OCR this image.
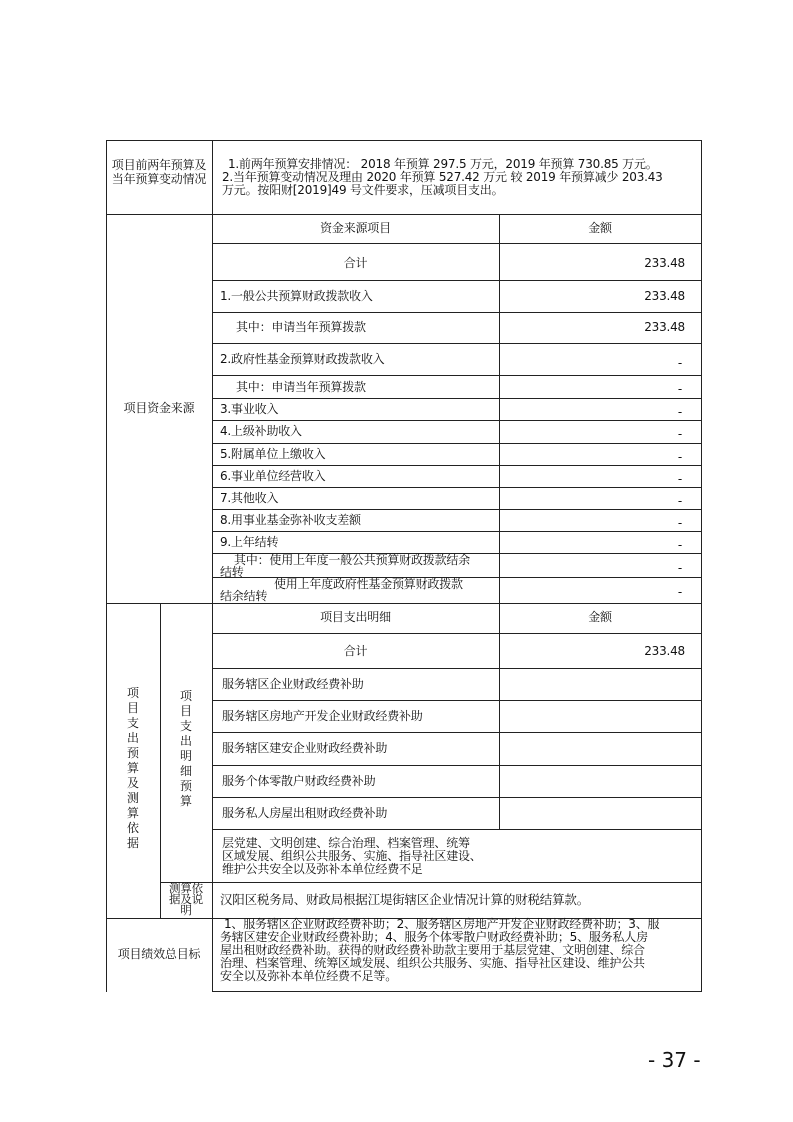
项目前两年预算及当年预算变动情况
1.前两年预算安排情况： 2018 年预算 297.5 万元，2019 年预算 730.85 万元。
2.当年预算变动情况及理由 2020 年预算 527.42 万元 较 2019 年预算减少 203.43
万元。按阳财[2019]49 号文件要求，压减项目支出。
项目资金来源
资金来源项目	金额
合计	233.48
1.一般公共预算财政拨款收入	233.48
其中：申请当年预算拨款	233.48
2.政府性基金预算财政拨款收入	-
其中：申请当年预算拨款	-
3.事业收入	-
4.上级补助收入	-
5.附属单位上缴收入	-
6.事业单位经营收入	-
7.其他收入	-
8.用事业基金弥补收支差额	-
9.上年结转	-
其中：使用上年度一般公共预算财政拨款结余
结转	-
使用上年度政府性基金预算财政拨款
结余结转	-
项目支出预算及测算依据
项目支出明细预算
项目支出明细	金额
合计	233.48
服务辖区企业财政经费补助
服务辖区房地产开发企业财政经费补助
服务辖区建安企业财政经费补助
服务个体零散户财政经费补助
服务私人房屋出租财政经费补助
层党建、文明创建、综合治理、档案管理、统筹
区域发展、组织公共服务、实施、指导社区建设、
维护公共安全以及弥补本单位经费不足
测算依据及说明
汉阳区税务局、财政局根据江堤街辖区企业情况计算的财税结算款。
项目绩效总目标
1、服务辖区企业财政经费补助；2、服务辖区房地产开发企业财政经费补助；3、服
务辖区建安企业财政经费补助；4、服务个体零散户财政经费补助；5、服务私人房
屋出租财政经费补助。获得的财政经费补助款主要用于基层党建、文明创建、综合
治理、档案管理、统筹区域发展、组织公共服务、实施、指导社区建设、维护公共
安全以及弥补本单位经费不足等。
- 37 -
